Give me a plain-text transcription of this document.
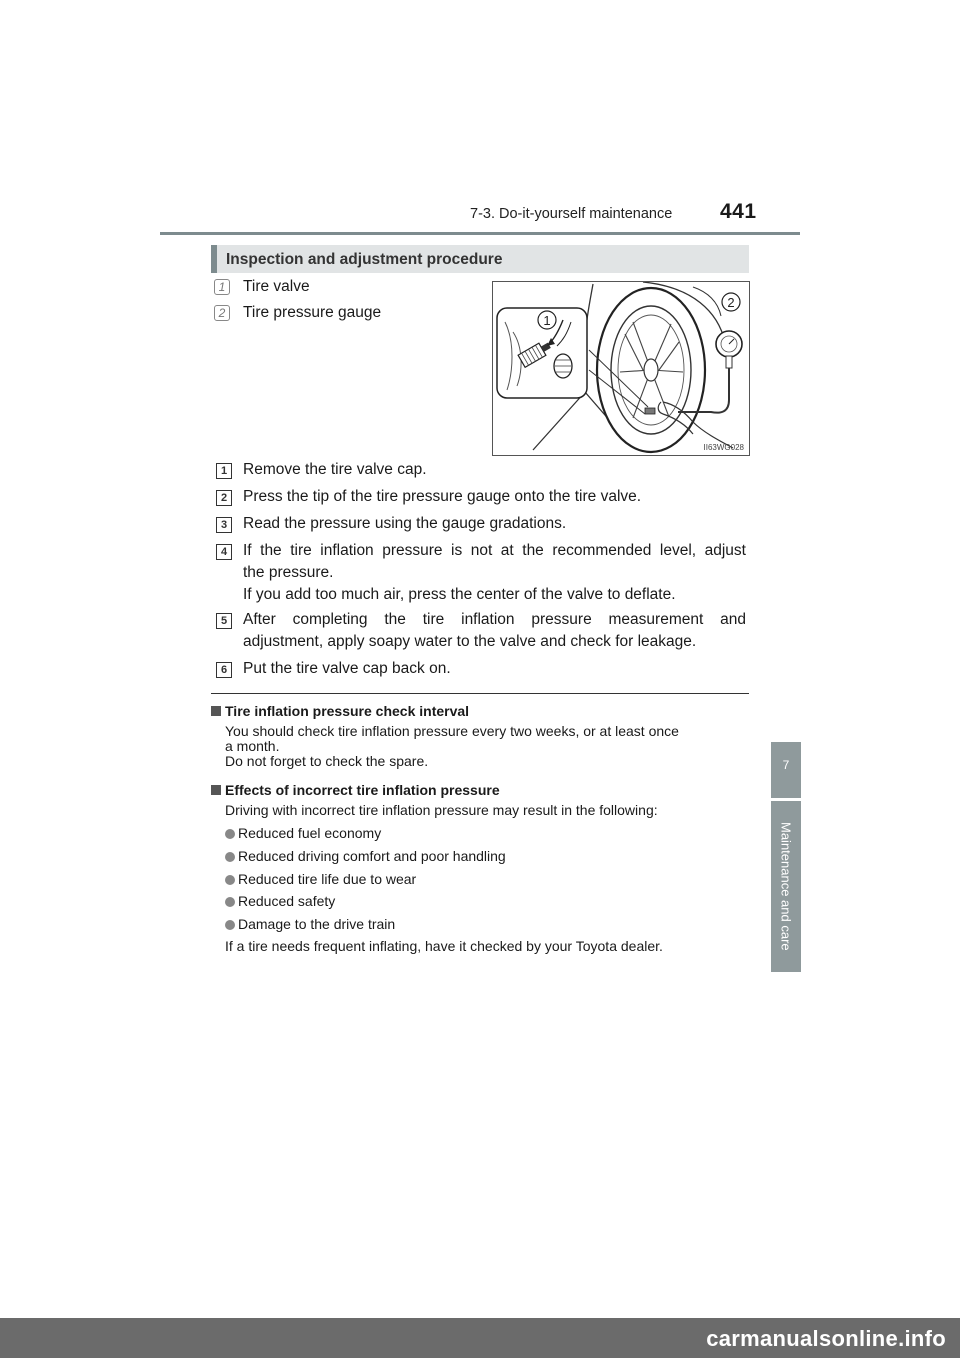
7-3. Do-it-yourself maintenance 441
7
Maintenance and care
Inspection and adjustment procedure
1	Tire valve
2	Tire pressure gauge	1
2
II63WG028
1	Remove the tire valve cap.
2	Press the tip of the tire pressure gauge onto the tire valve.
3	Read the pressure using the gauge gradations.
4	If the tire inflation pressure is not at the recommended level, adjust
the pressure.
If you add too much air, press the center of the valve to deflate.
5	After completing the tire inflation pressure measurement and
adjustment, apply soapy water to the valve and check for leakage.
6	Put the tire valve cap back on.
Tire inflation pressure check interval
You should check tire inflation pressure every two weeks, or at least once
a month.
Do not forget to check the spare.
Effects of incorrect tire inflation pressure
Driving with incorrect tire inflation pressure may result in the following:
Reduced fuel economy
Reduced driving comfort and poor handling
Reduced tire life due to wear
Reduced safety
Damage to the drive train
If a tire needs frequent inflating, have it checked by your Toyota dealer.
carmanualsonline.info
